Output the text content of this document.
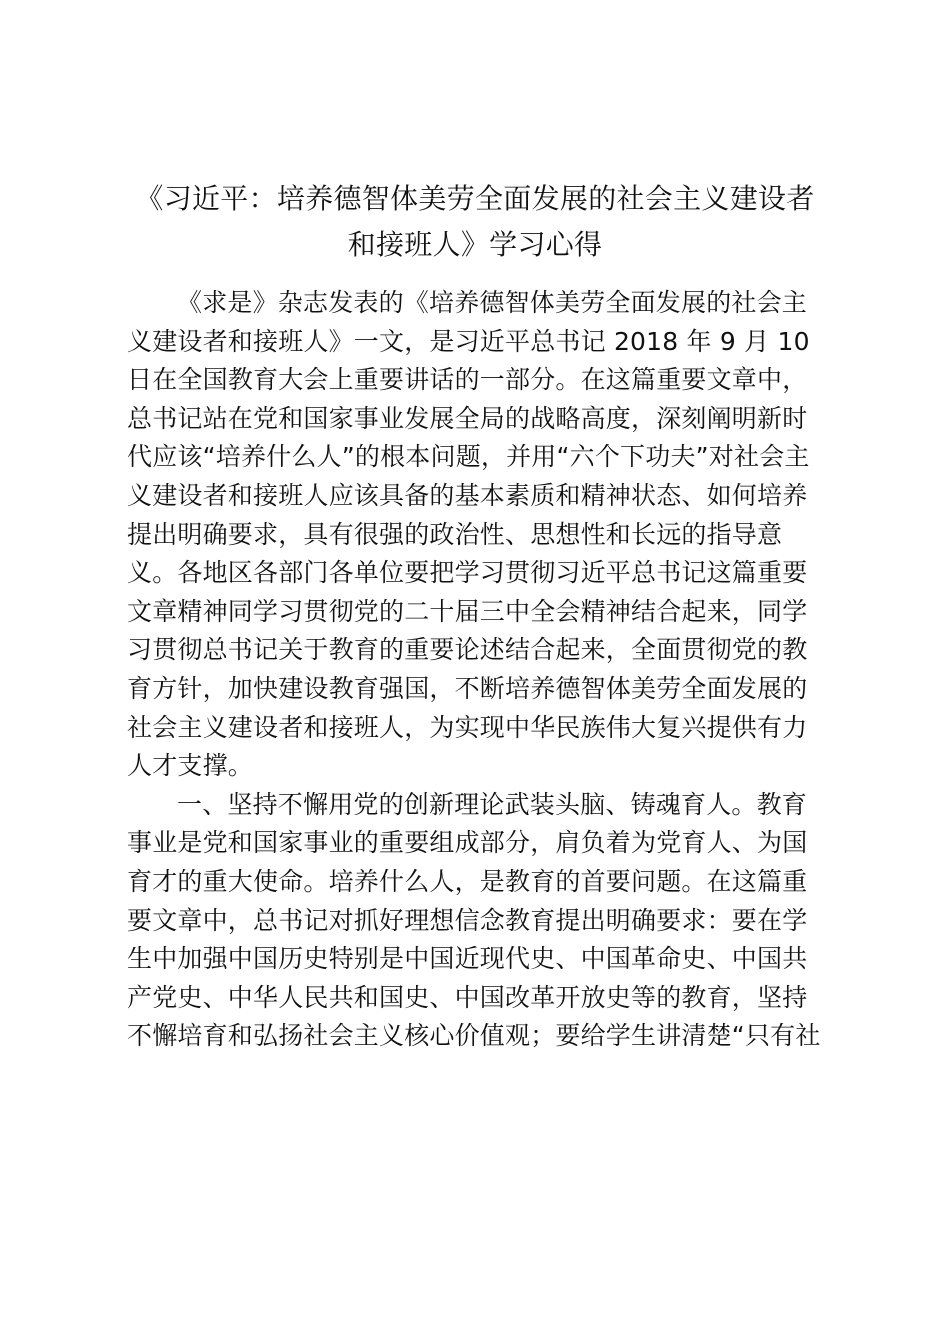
《习近平：培养德智体美劳全面发展的社会主义建设者
和接班人》学习心得
《求是》杂志发表的《培养德智体美劳全面发展的社会主
义建设者和接班人》一文，是习近平总书记 2018 年 9 月 10
日在全国教育大会上重要讲话的一部分。在这篇重要文章中，
总书记站在党和国家事业发展全局的战略高度，深刻阐明新时
代应该“培养什么人”的根本问题，并用“六个下功夫”对社会主
义建设者和接班人应该具备的基本素质和精神状态、如何培养
提出明确要求，具有很强的政治性、思想性和长远的指导意
义。各地区各部门各单位要把学习贯彻习近平总书记这篇重要
文章精神同学习贯彻党的二十届三中全会精神结合起来，同学
习贯彻总书记关于教育的重要论述结合起来，全面贯彻党的教
育方针，加快建设教育强国，不断培养德智体美劳全面发展的
社会主义建设者和接班人，为实现中华民族伟大复兴提供有力
人才支撑。
一、坚持不懈用党的创新理论武装头脑、铸魂育人。教育
事业是党和国家事业的重要组成部分，肩负着为党育人、为国
育才的重大使命。培养什么人，是教育的首要问题。在这篇重
要文章中，总书记对抓好理想信念教育提出明确要求：要在学
生中加强中国历史特别是中国近现代史、中国革命史、中国共
产党史、中华人民共和国史、中国改革开放史等的教育，坚持
不懈培育和弘扬社会主义核心价值观；要给学生讲清楚“只有社
